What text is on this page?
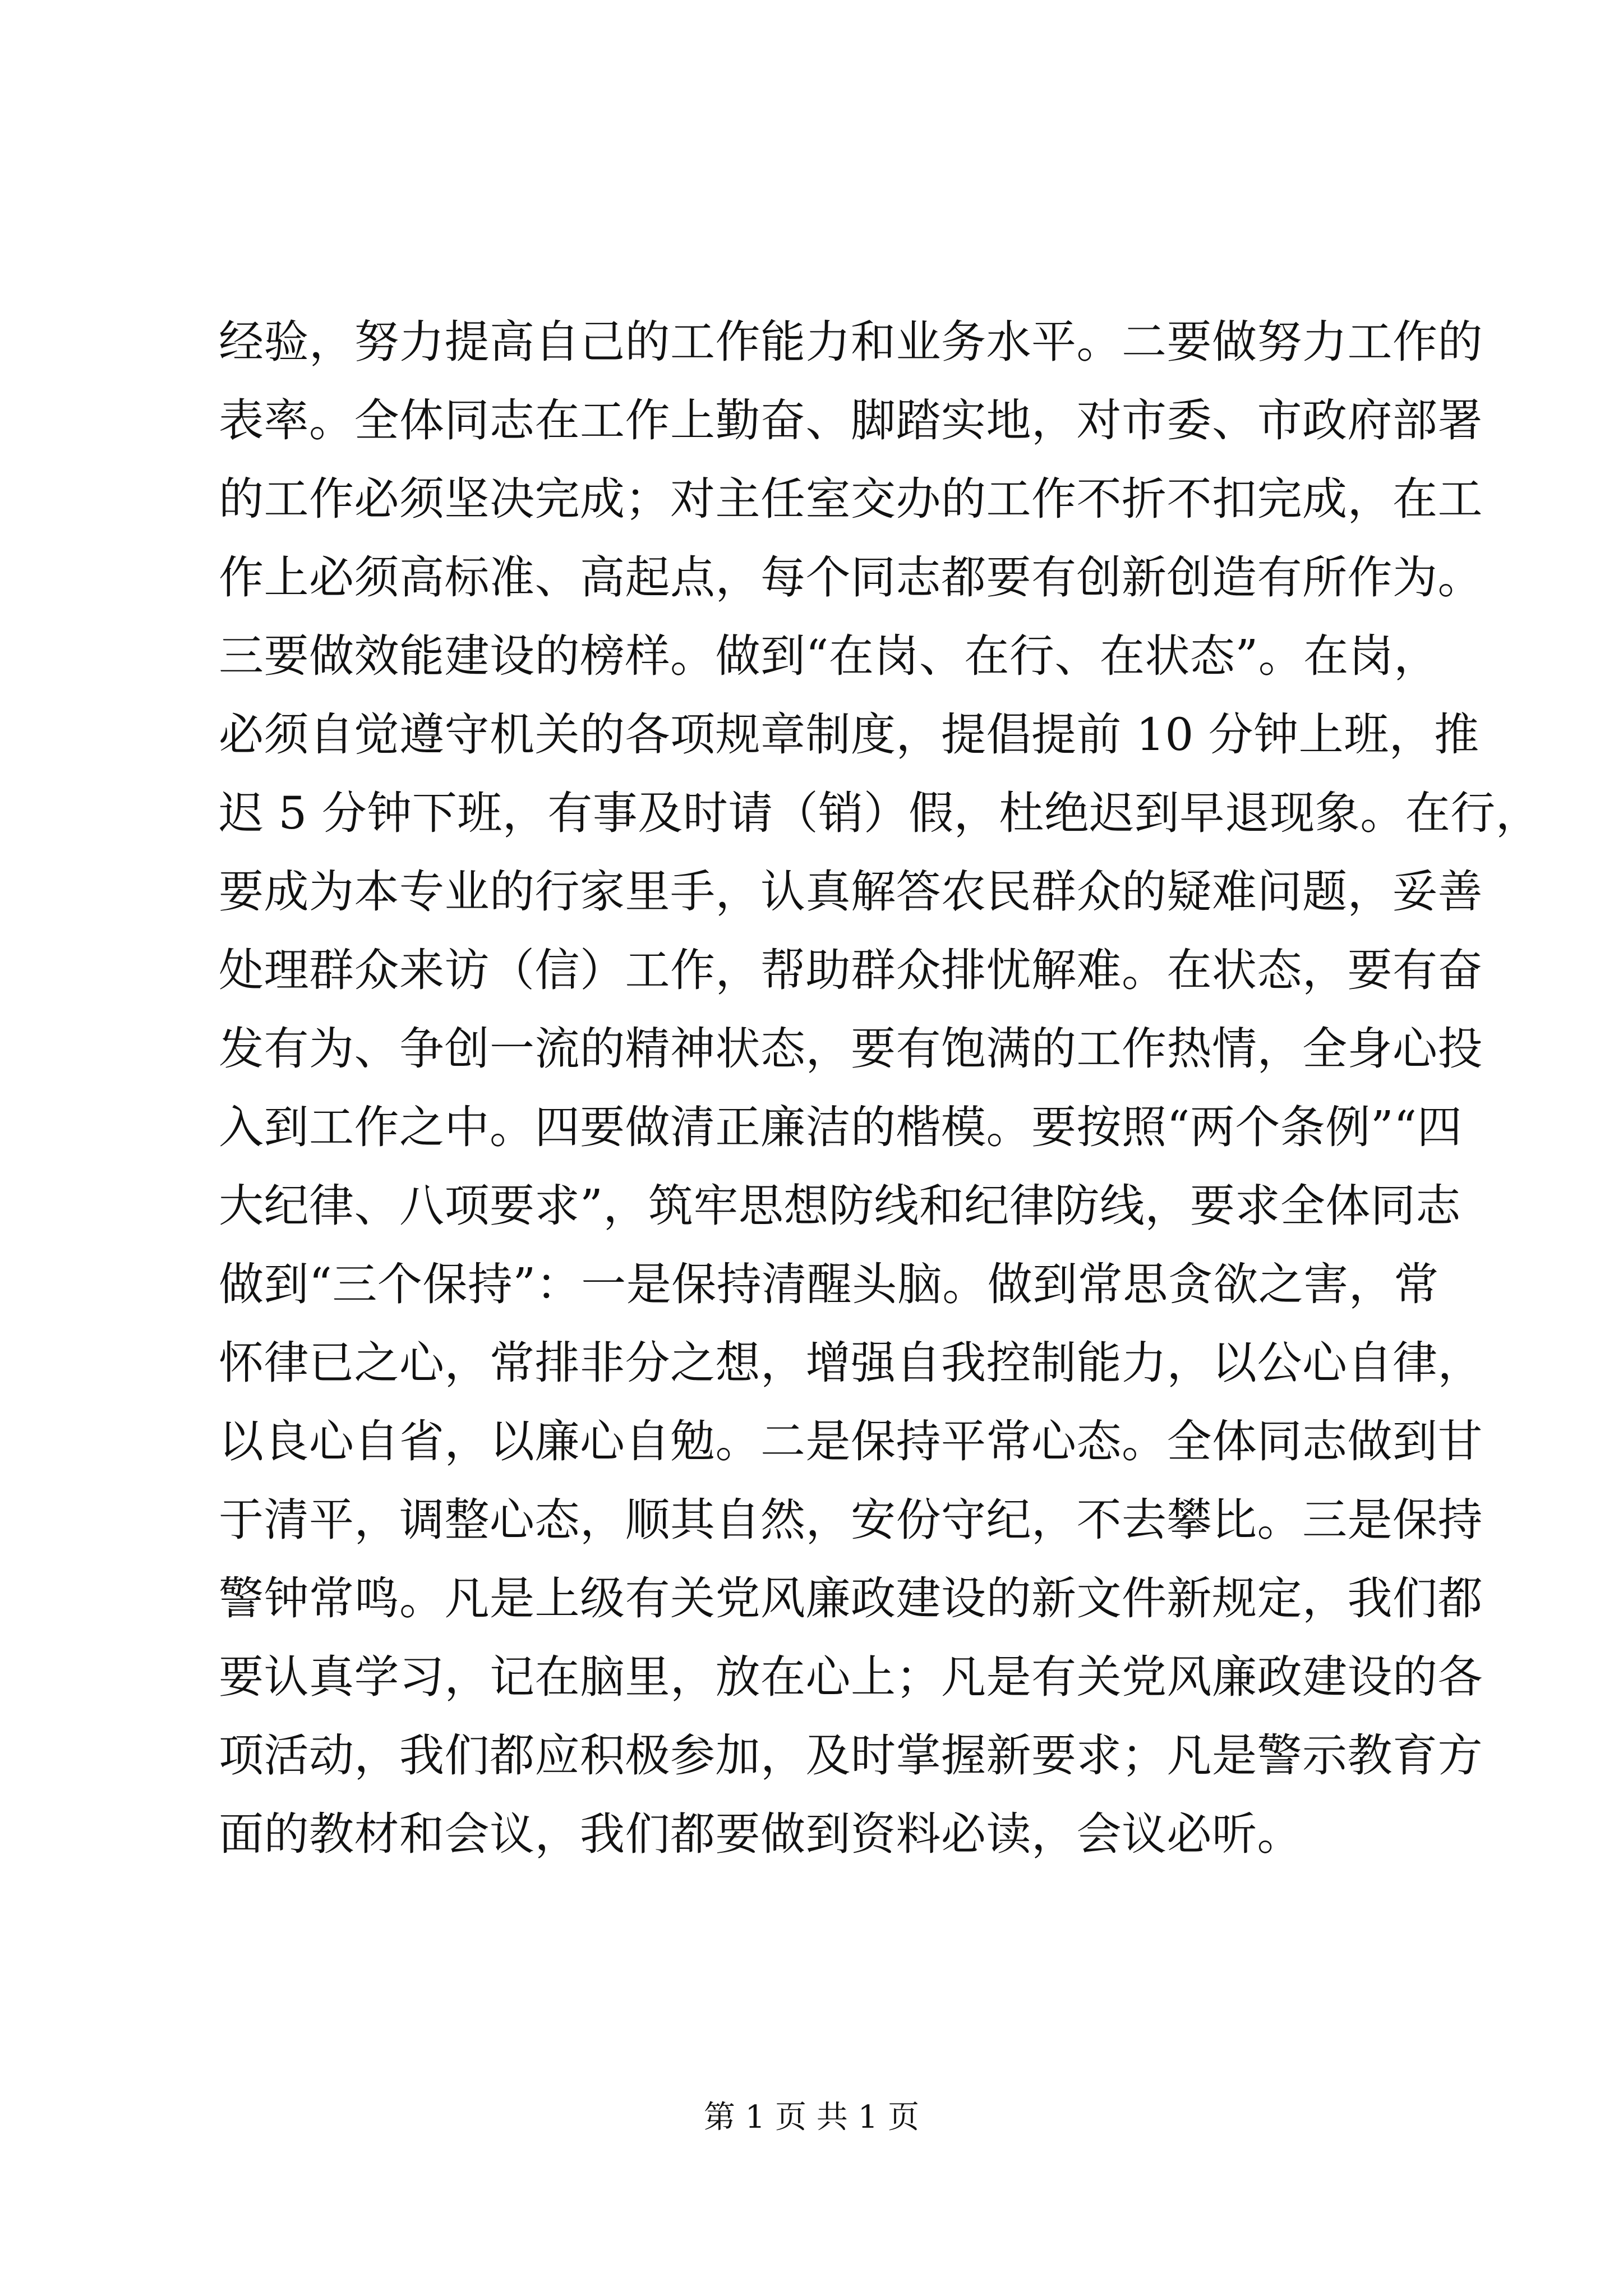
经验，努力提高自己的工作能力和业务水平。二要做努力工作的
表率。全体同志在工作上勤奋、脚踏实地，对市委、市政府部署
的工作必须坚决完成；对主任室交办的工作不折不扣完成，在工
作上必须高标准、高起点，每个同志都要有创新创造有所作为。
三要做效能建设的榜样。做到“在岗、在行、在状态”。在岗，
必须自觉遵守机关的各项规章制度，提倡提前 10 分钟上班，推
迟 5 分钟下班，有事及时请（销）假，杜绝迟到早退现象。在行，
要成为本专业的行家里手，认真解答农民群众的疑难问题，妥善
处理群众来访（信）工作，帮助群众排忧解难。在状态，要有奋
发有为、争创一流的精神状态，要有饱满的工作热情，全身心投
入到工作之中。四要做清正廉洁的楷模。要按照“两个条例”“四
大纪律、八项要求”，筑牢思想防线和纪律防线，要求全体同志
做到“三个保持”：一是保持清醒头脑。做到常思贪欲之害，常
怀律已之心，常排非分之想，增强自我控制能力，以公心自律，
以良心自省，以廉心自勉。二是保持平常心态。全体同志做到甘
于清平，调整心态，顺其自然，安份守纪，不去攀比。三是保持
警钟常鸣。凡是上级有关党风廉政建设的新文件新规定，我们都
要认真学习，记在脑里，放在心上；凡是有关党风廉政建设的各
项活动，我们都应积极参加，及时掌握新要求；凡是警示教育方
面的教材和会议，我们都要做到资料必读，会议必听。
第 1 页 共 1 页
